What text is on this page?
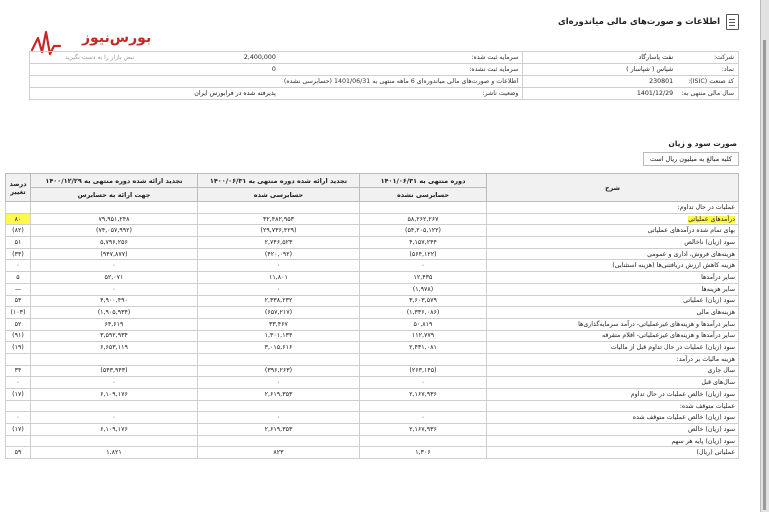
اطلاعات و صورت‌های مالی میاندوره‌ای
بورس‌نیوز
نبض بازار را به دست بگیرید	شرکت:	نفت پاسارگاد	سرمایه ثبت شده:	2,400,000
نماد:	شپاس ( شپاسار )	سرمایه ثبت نشده:	0
کد صنعت (ISIC):	230801	اطلاعات و صورت‌های مالی میاندوره‌ای 6 ماهه منتهی به 1401/06/31 (حسابرسی نشده)	
سال مالی منتهی به:	1401/12/29	وضعیت ناشر:	پذیرفته شده در فرابورس ایران
صورت سود و زیان
کلیه مبالغ به میلیون ریال است
شرح	دوره منتهی به ۱۴۰۱/۰۶/۳۱	تجدید ارائه شده دوره منتهی به ۱۴۰۰/۰۶/۳۱	تجدید ارائه شده دوره منتهی به ۱۴۰۰/۱۲/۲۹	درصد تغییر
	حسابرسی نشده	حسابرسی شده	جهت ارائه به حسابرس	
عملیات در حال تداوم:				
درآمدهای عملیاتی	۵۸,۲۶۲,۲۶۷	۳۲,۴۸۲,۹۵۳	۷۹,۹۵۱,۲۴۸	۸۰
بهای تمام شده درآمدهای عملیاتی	(۵۴,۲۰۵,۱۲۲)	(۲۹,۷۳۶,۴۲۹)	(۷۴,۰۵۷,۹۹۲)	(۸۲)
سود (زیان) ناخالص	۴,۱۵۷,۲۴۴	۲,۷۴۶,۵۲۳	۵,۷۹۶,۲۵۶	۵۱
هزینه‌های فروش، اداری و عمومی	(۵۶۴,۱۲۲)	(۴۲۰,۰۹۲)	(۹۴۷,۸۷۷)	(۳۴)
هزینه کاهش ارزش دریافتنی‌ها (هزینه استثنایی)	۰	۰	۰	۰
سایر درآمدها	۱۲,۴۳۵	۱۱,۸۰۱	۵۲,۰۷۱	۵
سایر هزینه‌ها	(۱,۹۷۸)	۰	۰	—
سود (زیان) عملیاتی	۳,۶۰۳,۵۷۹	۲,۳۳۸,۲۳۲	۴,۹۰۰,۴۹۰	۵۴
هزینه‌های مالی	(۱,۳۳۶,۰۸۶)	(۶۵۷,۲۱۷)	(۱,۹۰۵,۹۳۴)	(۱۰۳)
سایر درآمدها و هزینه‌های غیرعملیاتی- درآمد سرمایه‌گذاری‌ها	۵۰,۸۱۹	۳۳,۴۶۷	۶۴,۶۱۹	۵۲
سایر درآمدها و هزینه‌های غیرعملیاتی- اقلام متفرقه	۱۱۲,۷۷۹	۱,۳۰۱,۱۳۴	۳,۵۹۲,۹۳۴	(۹۱)
سود (زیان) عملیات در حال تداوم قبل از مالیات	۲,۴۳۱,۰۸۱	۳,۰۱۵,۶۱۶	۶,۶۵۳,۱۱۹	(۱۹)
هزینه مالیات بر درآمد:				
سال جاری	(۲۶۳,۱۴۵)	(۳۹۶,۲۶۳)	(۵۴۳,۹۴۳)	۳۴
سال‌های قبل	۰	۰	۰	۰
سود (زیان) خالص عملیات در حال تداوم	۲,۱۶۷,۹۳۶	۲,۶۱۹,۳۵۳	۶,۱۰۹,۱۷۶	(۱۷)
عملیات متوقف شده:				
سود (زیان) خالص عملیات متوقف شده	۰	۰	۰	۰
سود (زیان) خالص	۲,۱۶۷,۹۳۶	۲,۶۱۹,۳۵۳	۶,۱۰۹,۱۷۶	(۱۷)
سود (زیان) پایه هر سهم				
عملیاتی (ریال)	۱,۳۰۶	۸۲۳	۱,۸۲۱	۵۹
